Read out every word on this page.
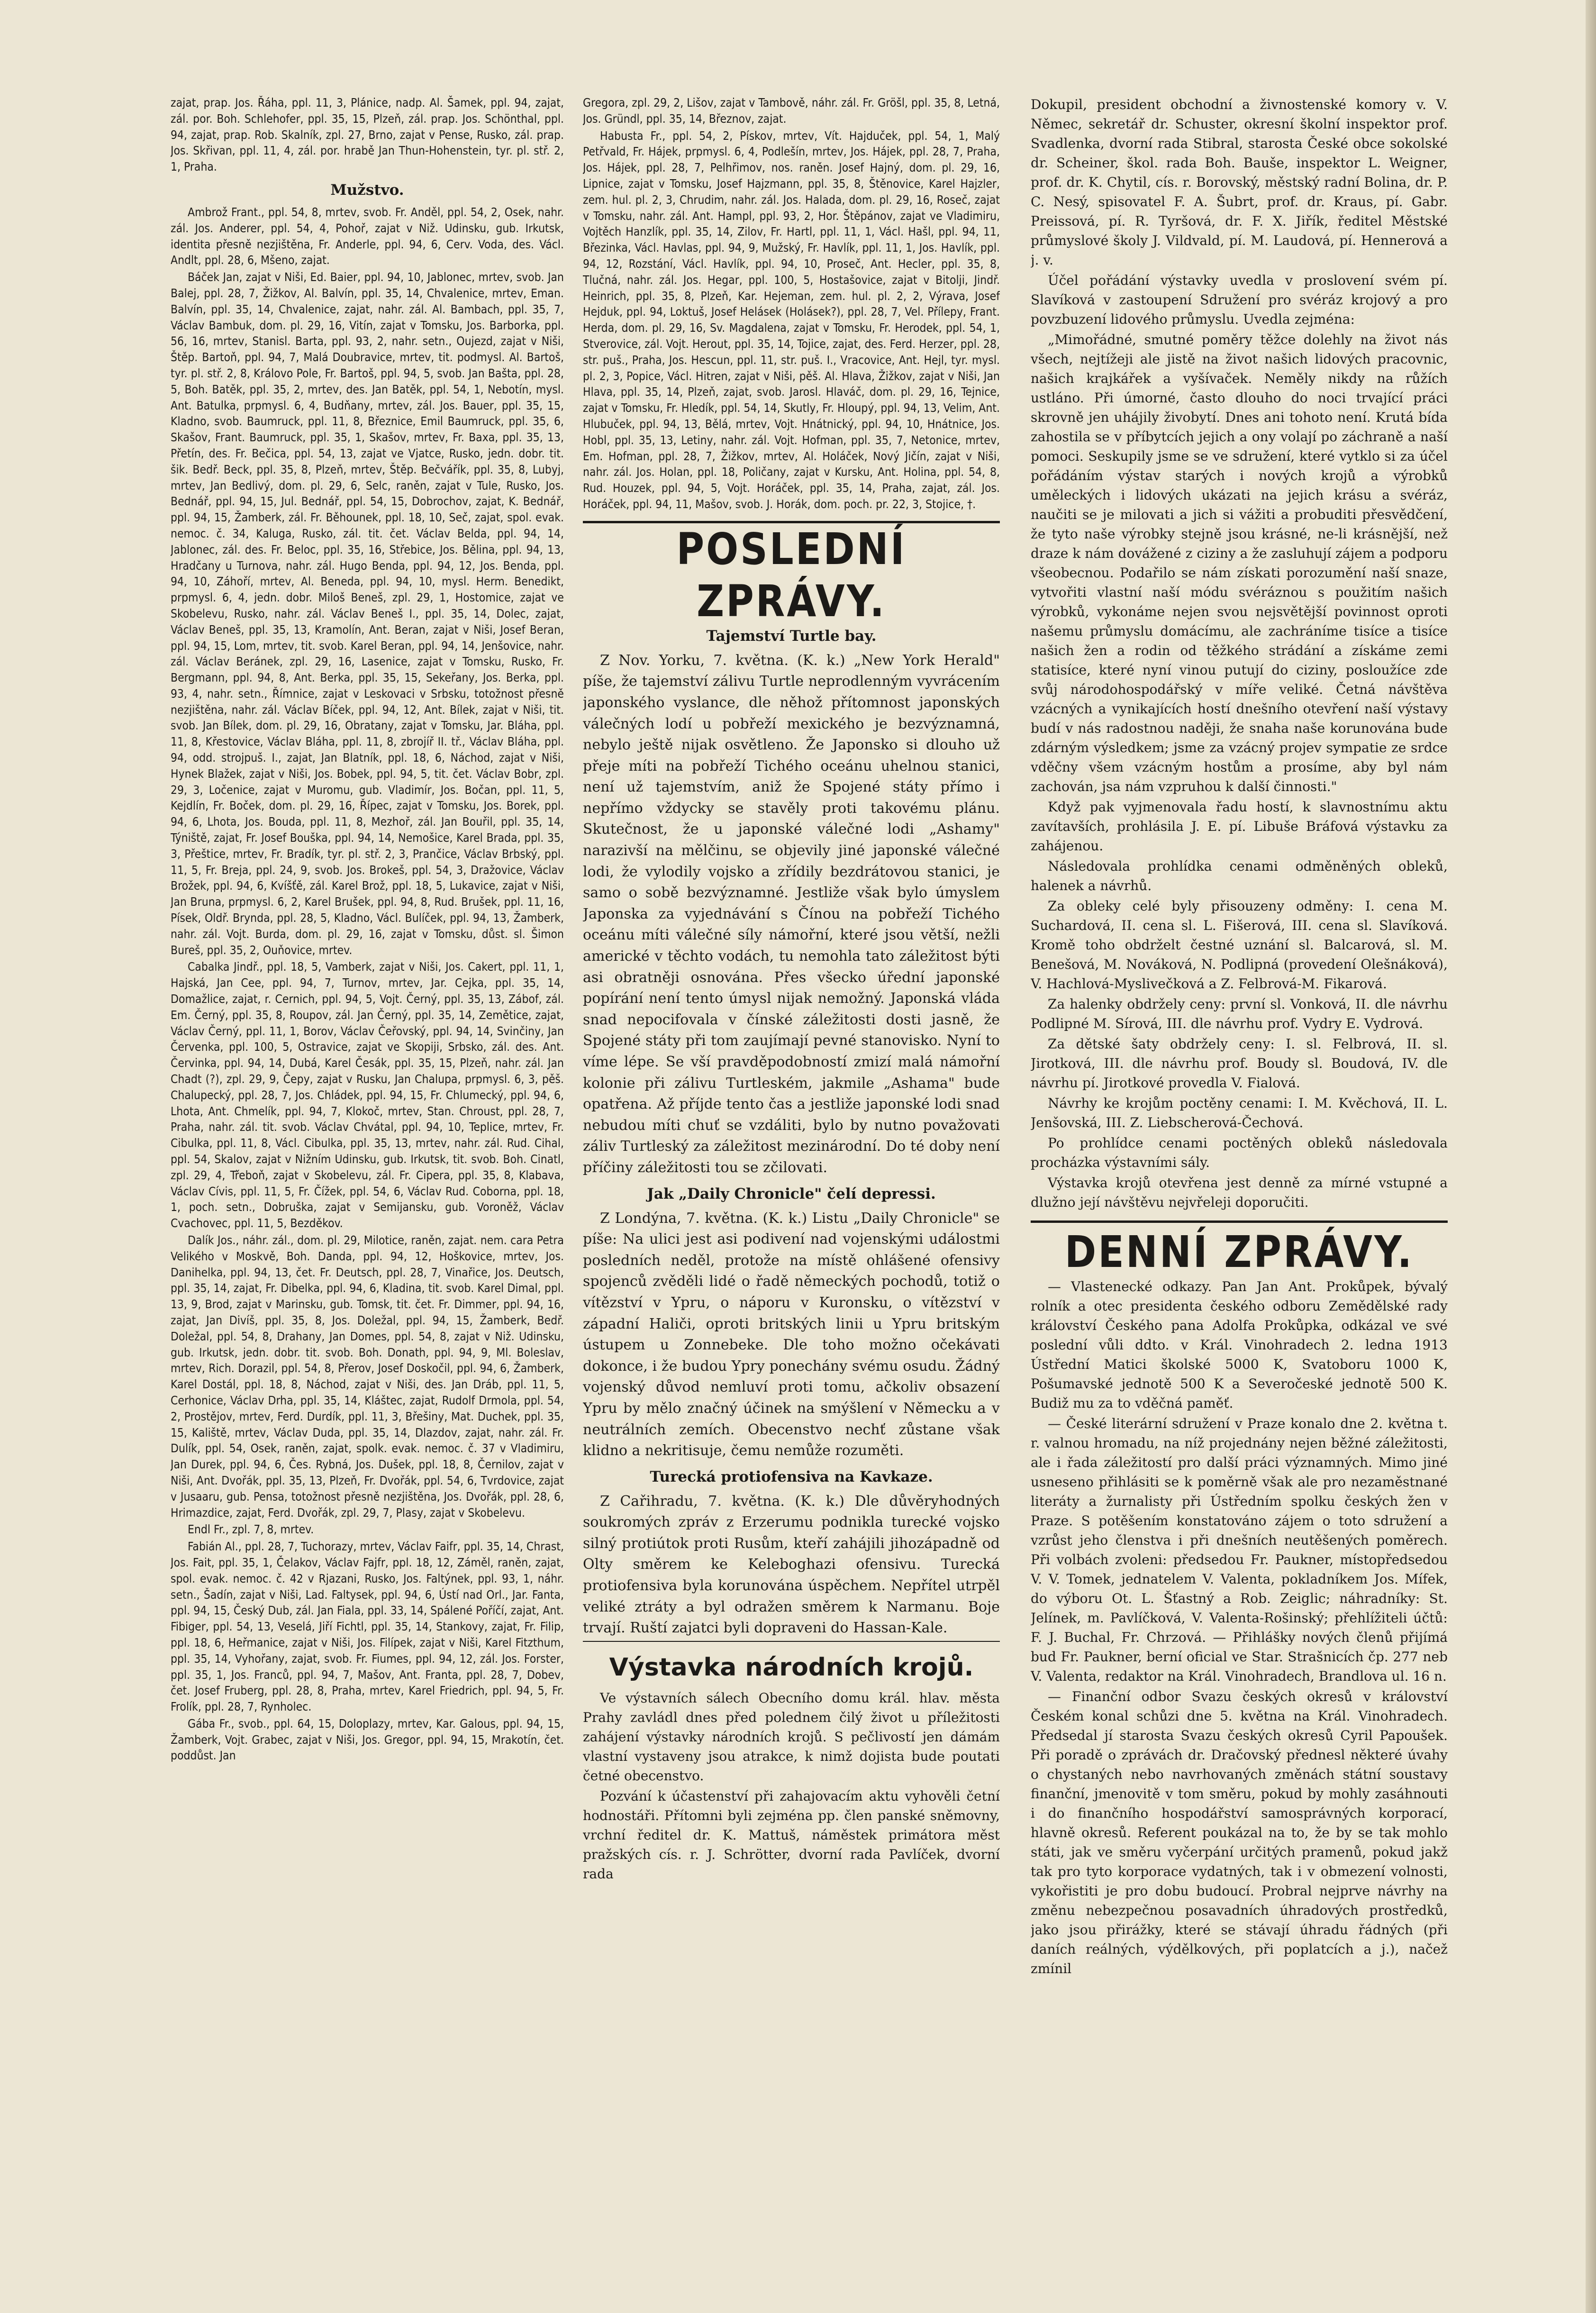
zajat, prap. Jos. Řáha, ppl. 11, 3, Plánice, nadp. Al. Šamek, ppl. 94, zajat, zál. por. Boh. Schlehofer, ppl. 35, 15, Plzeň, zál. prap. Jos. Schönthal, ppl. 94, zajat, prap. Rob. Skalník, zpl. 27, Brno, zajat v Pense, Rusko, zál. prap. Jos. Skřivan, ppl. 11, 4, zál. por. hrabě Jan Thun-Hohenstein, tyr. pl. stř. 2, 1, Praha.

Mužstvo.

Ambrož Frant., ppl. 54, 8, mrtev, svob. Fr. Anděl, ppl. 54, 2, Osek, nahr. zál. Jos. Anderer, ppl. 54, 4, Pohoř, zajat v Niž. Udinsku, gub. Irkutsk, identita přesně nezjištěna, Fr. Anderle, ppl. 94, 6, Cerv. Voda, des. Václ. Andlt, ppl. 28, 6, Mšeno, zajat.

Báček Jan, zajat v Niši, Ed. Baier, ppl. 94, 10, Jablonec, mrtev, svob. Jan Balej, ppl. 28, 7, Žižkov, Al. Balvín, ppl. 35, 14, Chvalenice, mrtev, Eman. Balvín, ppl. 35, 14, Chvalenice, zajat, nahr. zál. Al. Bambach, ppl. 35, 7, Václav Bambuk, dom. pl. 29, 16, Vitín, zajat v Tomsku, Jos. Barborka, ppl. 56, 16, mrtev, Stanisl. Barta, ppl. 93, 2, nahr. setn., Oujezd, zajat v Niši, Štěp. Bartoň, ppl. 94, 7, Malá Doubravice, mrtev, tit. podmysl. Al. Bartoš, tyr. pl. stř. 2, 8, Královo Pole, Fr. Bartoš, ppl. 94, 5, svob. Jan Bašta, ppl. 28, 5, Boh. Batěk, ppl. 35, 2, mrtev, des. Jan Batěk, ppl. 54, 1, Nebotín, mysl. Ant. Batulka, prpmysl. 6, 4, Budňany, mrtev, zál. Jos. Bauer, ppl. 35, 15, Kladno, svob. Baumruck, ppl. 11, 8, Březnice, Emil Baumruck, ppl. 35, 6, Skašov, Frant. Baumruck, ppl. 35, 1, Skašov, mrtev, Fr. Baxa, ppl. 35, 13, Přetín, des. Fr. Bečica, ppl. 54, 13, zajat ve Vjatce, Rusko, jedn. dobr. tit. šik. Bedř. Beck, ppl. 35, 8, Plzeň, mrtev, Štěp. Bečvářík, ppl. 35, 8, Lubyj, mrtev, Jan Bedlivý, dom. pl. 29, 6, Selc, raněn, zajat v Tule, Rusko, Jos. Bednář, ppl. 94, 15, Jul. Bednář, ppl. 54, 15, Dobrochov, zajat, K. Bednář, ppl. 94, 15, Žamberk, zál. Fr. Běhounek, ppl. 18, 10, Seč, zajat, spol. evak. nemoc. č. 34, Kaluga, Rusko, zál. tit. čet. Václav Belda, ppl. 94, 14, Jablonec, zál. des. Fr. Beloc, ppl. 35, 16, Střebice, Jos. Bělina, ppl. 94, 13, Hradčany u Turnova, nahr. zál. Hugo Benda, ppl. 94, 12, Jos. Benda, ppl. 94, 10, Záhoří, mrtev, Al. Beneda, ppl. 94, 10, mysl. Herm. Benedikt, prpmysl. 6, 4, jedn. dobr. Miloš Beneš, zpl. 29, 1, Hostomice, zajat ve Skobelevu, Rusko, nahr. zál. Václav Beneš I., ppl. 35, 14, Dolec, zajat, Václav Beneš, ppl. 35, 13, Kramolín, Ant. Beran, zajat v Niši, Josef Beran, ppl. 94, 15, Lom, mrtev, tit. svob. Karel Beran, ppl. 94, 14, Jenšovice, nahr. zál. Václav Beránek, zpl. 29, 16, Lasenice, zajat v Tomsku, Rusko, Fr. Bergmann, ppl. 94, 8, Ant. Berka, ppl. 35, 15, Sekeřany, Jos. Berka, ppl. 93, 4, nahr. setn., Římnice, zajat v Leskovaci v Srbsku, totožnost přesně nezjištěna, nahr. zál. Václav Bíček, ppl. 94, 12, Ant. Bílek, zajat v Niši, tit. svob. Jan Bílek, dom. pl. 29, 16, Obratany, zajat v Tomsku, Jar. Bláha, ppl. 11, 8, Křestovice, Václav Bláha, ppl. 11, 8, zbrojíř II. tř., Václav Bláha, ppl. 94, odd. strojpuš. I., zajat, Jan Blatník, ppl. 18, 6, Náchod, zajat v Niši, Hynek Blažek, zajat v Niši, Jos. Bobek, ppl. 94, 5, tit. čet. Václav Bobr, zpl. 29, 3, Ločenice, zajat v Muromu, gub. Vladimír, Jos. Bočan, ppl. 11, 5, Kejdlín, Fr. Boček, dom. pl. 29, 16, Řípec, zajat v Tomsku, Jos. Borek, ppl. 94, 6, Lhota, Jos. Bouda, ppl. 11, 8, Mezhoř, zál. Jan Bouřil, ppl. 35, 14, Týniště, zajat, Fr. Josef Bouška, ppl. 94, 14, Nemošice, Karel Brada, ppl. 35, 3, Přeštice, mrtev, Fr. Bradík, tyr. pl. stř. 2, 3, Prančice, Václav Brbský, ppl. 11, 5, Fr. Breja, ppl. 24, 9, svob. Jos. Brokeš, ppl. 54, 3, Dražovice, Václav Brožek, ppl. 94, 6, Kvíšťě, zál. Karel Brož, ppl. 18, 5, Lukavice, zajat v Niši, Jan Bruna, prpmysl. 6, 2, Karel Brušek, ppl. 94, 8, Rud. Brušek, ppl. 11, 16, Písek, Oldř. Brynda, ppl. 28, 5, Kladno, Václ. Bulíček, ppl. 94, 13, Žamberk, nahr. zál. Vojt. Burda, dom. pl. 29, 16, zajat v Tomsku, důst. sl. Šimon Bureš, ppl. 35, 2, Ouňovice, mrtev.

Cabalka Jindř., ppl. 18, 5, Vamberk, zajat v Niši, Jos. Cakert, ppl. 11, 1, Hajská, Jan Cee, ppl. 94, 7, Turnov, mrtev, Jar. Cejka, ppl. 35, 14, Domažlice, zajat, r. Cernich, ppl. 94, 5, Vojt. Černý, ppl. 35, 13, Zábof, zál. Em. Černý, ppl. 35, 8, Roupov, zál. Jan Černý, ppl. 35, 14, Zemětice, zajat, Václav Černý, ppl. 11, 1, Borov, Václav Čeřovský, ppl. 94, 14, Svinčiny, Jan Červenka, ppl. 100, 5, Ostravice, zajat ve Skopiji, Srbsko, zál. des. Ant. Červinka, ppl. 94, 14, Dubá, Karel Česák, ppl. 35, 15, Plzeň, nahr. zál. Jan Chadt (?), zpl. 29, 9, Čepy, zajat v Rusku, Jan Chalupa, prpmysl. 6, 3, pěš. Chalupecký, ppl. 28, 7, Jos. Chládek, ppl. 94, 15, Fr. Chlumecký, ppl. 94, 6, Lhota, Ant. Chmelík, ppl. 94, 7, Klokoč, mrtev, Stan. Chroust, ppl. 28, 7, Praha, nahr. zál. tit. svob. Václav Chvátal, ppl. 94, 10, Teplice, mrtev, Fr. Cibulka, ppl. 11, 8, Václ. Cibulka, ppl. 35, 13, mrtev, nahr. zál. Rud. Cihal, ppl. 54, Skalov, zajat v Nižním Udinsku, gub. Irkutsk, tit. svob. Boh. Cinatl, zpl. 29, 4, Třeboň, zajat v Skobelevu, zál. Fr. Cipera, ppl. 35, 8, Klabava, Václav Cívis, ppl. 11, 5, Fr. Čížek, ppl. 54, 6, Václav Rud. Coborna, ppl. 18, 1, poch. setn., Dobruška, zajat v Semijansku, gub. Voroněž, Václav Cvachovec, ppl. 11, 5, Bezděkov.

Dalík Jos., náhr. zál., dom. pl. 29, Milotice, raněn, zajat. nem. cara Petra Velikého v Moskvě, Boh. Danda, ppl. 94, 12, Hoškovice, mrtev, Jos. Danihelka, ppl. 94, 13, čet. Fr. Deutsch, ppl. 28, 7, Vinařice, Jos. Deutsch, ppl. 35, 14, zajat, Fr. Dibelka, ppl. 94, 6, Kladina, tit. svob. Karel Dimal, ppl. 13, 9, Brod, zajat v Marinsku, gub. Tomsk, tit. čet. Fr. Dimmer, ppl. 94, 16, zajat, Jan Divíš, ppl. 35, 8, Jos. Doležal, ppl. 94, 15, Žamberk, Bedř. Doležal, ppl. 54, 8, Drahany, Jan Domes, ppl. 54, 8, zajat v Niž. Udinsku, gub. Irkutsk, jedn. dobr. tit. svob. Boh. Donath, ppl. 94, 9, Ml. Boleslav, mrtev, Rich. Dorazil, ppl. 54, 8, Přerov, Josef Doskočil, ppl. 94, 6, Žamberk, Karel Dostál, ppl. 18, 8, Náchod, zajat v Niši, des. Jan Dráb, ppl. 11, 5, Cerhonice, Václav Drha, ppl. 35, 14, Kláštec, zajat, Rudolf Drmola, ppl. 54, 2, Prostějov, mrtev, Ferd. Durdík, ppl. 11, 3, Břešiny, Mat. Duchek, ppl. 35, 15, Kaliště, mrtev, Václav Duda, ppl. 35, 14, Dlazdov, zajat, nahr. zál. Fr. Dulík, ppl. 54, Osek, raněn, zajat, spolk. evak. nemoc. č. 37 v Vladimiru, Jan Durek, ppl. 94, 6, Čes. Rybná, Jos. Dušek, ppl. 18, 8, Černilov, zajat v Niši, Ant. Dvořák, ppl. 35, 13, Plzeň, Fr. Dvořák, ppl. 54, 6, Tvrdovice, zajat v Jusaaru, gub. Pensa, totožnost přesně nezjištěna, Jos. Dvořák, ppl. 28, 6, Hrimazdice, zajat, Ferd. Dvořák, zpl. 29, 7, Plasy, zajat v Skobelevu.

Endl Fr., zpl. 7, 8, mrtev.

Fabián Al., ppl. 28, 7, Tuchorazy, mrtev, Václav Faifr, ppl. 35, 14, Chrast, Jos. Fait, ppl. 35, 1, Čelakov, Václav Fajfr, ppl. 18, 12, Záměl, raněn, zajat, spol. evak. nemoc. č. 42 v Rjazani, Rusko, Jos. Faltýnek, ppl. 93, 1, náhr. setn., Šadín, zajat v Niši, Lad. Faltysek, ppl. 94, 6, Ústí nad Orl., Jar. Fanta, ppl. 94, 15, Český Dub, zál. Jan Fiala, ppl. 33, 14, Spálené Poříčí, zajat, Ant. Fibiger, ppl. 54, 13, Veselá, Jiří Fichtl, ppl. 35, 14, Stankovy, zajat, Fr. Filip, ppl. 18, 6, Heřmanice, zajat v Niši, Jos. Filípek, zajat v Niši, Karel Fitzthum, ppl. 35, 14, Vyhořany, zajat, svob. Fr. Fiumes, ppl. 94, 12, zál. Jos. Forster, ppl. 35, 1, Jos. Franců, ppl. 94, 7, Mašov, Ant. Franta, ppl. 28, 7, Dobev, čet. Josef Fruberg, ppl. 28, 8, Praha, mrtev, Karel Friedrich, ppl. 94, 5, Fr. Frolík, ppl. 28, 7, Rynholec.

Gába Fr., svob., ppl. 64, 15, Doloplazy, mrtev, Kar. Galous, ppl. 94, 15, Žamberk, Vojt. Grabec, zajat v Niši, Jos. Gregor, ppl. 94, 15, Mrakotín, čet. poddůst. Jan

Gregora, zpl. 29, 2, Lišov, zajat v Tambově, náhr. zál. Fr. Gröšl, ppl. 35, 8, Letná, Jos. Gründl, ppl. 35, 14, Březnov, zajat.

Habusta Fr., ppl. 54, 2, Pískov, mrtev, Vít. Hajduček, ppl. 54, 1, Malý Petřvald, Fr. Hájek, prpmysl. 6, 4, Podlešín, mrtev, Jos. Hájek, ppl. 28, 7, Praha, Jos. Hájek, ppl. 28, 7, Pelhřimov, nos. raněn. Josef Hajný, dom. pl. 29, 16, Lipnice, zajat v Tomsku, Josef Hajzmann, ppl. 35, 8, Štěnovice, Karel Hajzler, zem. hul. pl. 2, 3, Chrudim, nahr. zál. Jos. Halada, dom. pl. 29, 16, Roseč, zajat v Tomsku, nahr. zál. Ant. Hampl, ppl. 93, 2, Hor. Štěpánov, zajat ve Vladimiru, Vojtěch Hanzlík, ppl. 35, 14, Zilov, Fr. Hartl, ppl. 11, 1, Václ. Hašl, ppl. 94, 11, Březinka, Václ. Havlas, ppl. 94, 9, Mužský, Fr. Havlík, ppl. 11, 1, Jos. Havlík, ppl. 94, 12, Rozstání, Václ. Havlík, ppl. 94, 10, Proseč, Ant. Hecler, ppl. 35, 8, Tlučná, nahr. zál. Jos. Hegar, ppl. 100, 5, Hostašovice, zajat v Bitolji, Jindř. Heinrich, ppl. 35, 8, Plzeň, Kar. Hejeman, zem. hul. pl. 2, 2, Výrava, Josef Hejduk, ppl. 94, Loktuš, Josef Helásek (Holásek?), ppl. 28, 7, Vel. Přílepy, Frant. Herda, dom. pl. 29, 16, Sv. Magdalena, zajat v Tomsku, Fr. Herodek, ppl. 54, 1, Stverovice, zál. Vojt. Herout, ppl. 35, 14, Tojice, zajat, des. Ferd. Herzer, ppl. 28, str. puš., Praha, Jos. Hescun, ppl. 11, str. puš. I., Vracovice, Ant. Hejl, tyr. mysl. pl. 2, 3, Popice, Václ. Hitren, zajat v Niši, pěš. Al. Hlava, Žižkov, zajat v Niši, Jan Hlava, ppl. 35, 14, Plzeň, zajat, svob. Jarosl. Hlaváč, dom. pl. 29, 16, Tejnice, zajat v Tomsku, Fr. Hledík, ppl. 54, 14, Skutly, Fr. Hloupý, ppl. 94, 13, Velim, Ant. Hlubuček, ppl. 94, 13, Bělá, mrtev, Vojt. Hnátnický, ppl. 94, 10, Hnátnice, Jos. Hobl, ppl. 35, 13, Letiny, nahr. zál. Vojt. Hofman, ppl. 35, 7, Netonice, mrtev, Em. Hofman, ppl. 28, 7, Žižkov, mrtev, Al. Holáček, Nový Jičín, zajat v Niši, nahr. zál. Jos. Holan, ppl. 18, Poličany, zajat v Kursku, Ant. Holina, ppl. 54, 8, Rud. Houzek, ppl. 94, 5, Vojt. Horáček, ppl. 35, 14, Praha, zajat, zál. Jos. Horáček, ppl. 94, 11, Mašov, svob. J. Horák, dom. poch. pr. 22, 3, Stojice, †.

POSLEDNÍ ZPRÁVY.
Tajemství Turtle bay.

Z Nov. Yorku, 7. května. (K. k.) „New York Herald" píše, že tajemství zálivu Turtle neprodlenným vyvrácením japonského vyslance, dle něhož přítomnost japonských válečných lodí u pobřeží mexického je bezvýznamná, nebylo ještě nijak osvětleno. Že Japonsko si dlouho už přeje míti na pobřeží Tichého oceánu uhelnou stanici, není už tajemstvím, aniž že Spojené státy přímo i nepřímo vždycky se stavěly proti takovému plánu. Skutečnost, že u japonské válečné lodi „Ashamy" narazivší na mělčinu, se objevily jiné japonské válečné lodi, že vylodily vojsko a zřídily bezdrátovou stanici, je samo o sobě bezvýznamné. Jestliže však bylo úmyslem Japonska za vyjednávání s Čínou na pobřeží Tichého oceánu míti válečné síly námořní, které jsou větší, nežli americké v těchto vodách, tu nemohla tato záležitost býti asi obratněji osnována. Přes všecko úřední japonské popírání není tento úmysl nijak nemožný. Japonská vláda snad nepocifovala v čínské záležitosti dosti jasně, že Spojené státy při tom zaujímají pevné stanovisko. Nyní to víme lépe. Se vší pravděpodobností zmizí malá námořní kolonie při zálivu Turtleském, jakmile „Ashama" bude opatřena. Až příjde tento čas a jestliže japonské lodi snad nebudou míti chuť se vzdáliti, bylo by nutno považovati záliv Turtleský za záležitost mezinárodní. Do té doby není příčiny záležitosti tou se zčilovati.

Jak „Daily Chronicle" čelí depressi.

Z Londýna, 7. května. (K. k.) Listu „Daily Chronicle" se píše: Na ulici jest asi podivení nad vojenskými událostmi posledních neděl, protože na místě ohlášené ofensivy spojenců zvěděli lidé o řadě německých pochodů, totiž o vítězství v Ypru, o náporu v Kuronsku, o vítězství v západní Haliči, oproti britských linii u Ypru britským ústupem u Zonnebeke. Dle toho možno očekávati dokonce, i že budou Ypry ponechány svému osudu. Žádný vojenský důvod nemluví proti tomu, ačkoliv obsazení Ypru by mělo značný účinek na smýšlení v Německu a v neutrálních zemích. Obecenstvo nechť zůstane však klidno a nekritisuje, čemu nemůže rozuměti.

Turecká protiofensiva na Kavkaze.

Z Cařihradu, 7. května. (K. k.) Dle důvěryhodných soukromých zpráv z Erzerumu podnikla turecké vojsko silný protiútok proti Rusům, kteří zahájili jihozápadně od Olty směrem ke Keleboghazi ofensivu. Turecká protiofensiva byla korunována úspěchem. Nepřítel utrpěl veliké ztráty a byl odražen směrem k Narmanu. Boje trvají. Ruští zajatci byli dopraveni do Hassan-Kale.

Výstavka národních krojů.

Ve výstavních sálech Obecního domu král. hlav. města Prahy zavládl dnes před polednem čilý život u příležitosti zahájení výstavky národních krojů. S pečlivostí jen dámám vlastní vystaveny jsou atrakce, k nimž dojista bude poutati četné obecenstvo.

Pozvání k účastenství při zahajovacím aktu vyhověli četní hodnostáři. Přítomni byli zejména pp. člen panské sněmovny, vrchní ředitel dr. K. Mattuš, náměstek primátora měst pražských cís. r. J. Schrötter, dvorní rada Pavlíček, dvorní rada

Dokupil, president obchodní a živnostenské komory v. V. Němec, sekretář dr. Schuster, okresní školní inspektor prof. Svadlenka, dvorní rada Stibral, starosta České obce sokolské dr. Scheiner, škol. rada Boh. Bauše, inspektor L. Weigner, prof. dr. K. Chytil, cís. r. Borovský, městský radní Bolina, dr. P. C. Nesý, spisovatel F. A. Šubrt, prof. dr. Kraus, pí. Gabr. Preissová, pí. R. Tyršová, dr. F. X. Jiřík, ředitel Městské průmyslové školy J. Vildvald, pí. M. Laudová, pí. Hennerová a j. v.

Účel pořádání výstavky uvedla v proslovení svém pí. Slavíková v zastoupení Sdružení pro svéráz krojový a pro povzbuzení lidového průmyslu. Uvedla zejména:

„Mimořádné, smutné poměry těžce dolehly na život nás všech, nejtížeji ale jistě na život našich lidových pracovnic, našich krajkářek a vyšívaček. Neměly nikdy na růžích ustláno. Při úmorné, často dlouho do noci trvající práci skrovně jen uhájily živobytí. Dnes ani tohoto není. Krutá bída zahostila se v příbytcích jejich a ony volají po záchraně a naší pomoci. Seskupily jsme se ve sdružení, které vytklo si za účel pořádáním výstav starých i nových krojů a výrobků uměleckých i lidových ukázati na jejich krásu a svéráz, naučiti se je milovati a jich si vážiti a probuditi přesvědčení, že tyto naše výrobky stejně jsou krásné, ne-li krásnější, než draze k nám dovážené z ciziny a že zasluhují zájem a podporu všeobecnou. Podařilo se nám získati porozumění naší snaze, vytvořiti vlastní naší módu svéráznou s použitím našich výrobků, vykonáme nejen svou nejsvětější povinnost oproti našemu průmyslu domácímu, ale zachráníme tisíce a tisíce našich žen a rodin od těžkého strádání a získáme zemi statisíce, které nyní vinou putují do ciziny, posloužíce zde svůj národohospodářský v míře veliké. Četná návštěva vzácných a vynikajících hostí dnešního otevření naší výstavy budí v nás radostnou naději, že snaha naše korunována bude zdárným výsledkem; jsme za vzácný projev sympatie ze srdce vděčny všem vzácným hostům a prosíme, aby byl nám zachován, jsa nám vzpruhou k další činnosti."

Když pak vyjmenovala řadu hostí, k slavnostnímu aktu zavítavších, prohlásila J. E. pí. Libuše Bráfová výstavku za zahájenou.

Následovala prohlídka cenami odměněných obleků, halenek a návrhů.

Za obleky celé byly přisouzeny odměny: I. cena M. Suchardová, II. cena sl. L. Fišerová, III. cena sl. Slavíková. Kromě toho obdrželt čestné uznání sl. Balcarová, sl. M. Benešová, M. Nováková, N. Podlipná (provedení Olešnáková), V. Hachlová-Myslivečková a Z. Felbrová-M. Fikarová.

Za halenky obdržely ceny: první sl. Vonková, II. dle návrhu Podlipné M. Sírová, III. dle návrhu prof. Vydry E. Vydrová.

Za dětské šaty obdržely ceny: I. sl. Felbrová, II. sl. Jirotková, III. dle návrhu prof. Boudy sl. Boudová, IV. dle návrhu pí. Jirotkové provedla V. Fialová.

Návrhy ke krojům poctěny cenami: I. M. Kvěchová, II. L. Jenšovská, III. Z. Liebscherová-Čechová.

Po prohlídce cenami poctěných obleků následovala procházka výstavními sály.

Výstavka krojů otevřena jest denně za mírné vstupné a dlužno její návštěvu nejvřeleji doporučiti.

DENNÍ ZPRÁVY.

— Vlastenecké odkazy. Pan Jan Ant. Prokůpek, bývalý rolník a otec presidenta českého odboru Zemědělské rady království Českého pana Adolfa Prokůpka, odkázal ve své poslední vůli ddto. v Král. Vinohradech 2. ledna 1913 Ústřední Matici školské 5000 K, Svatoboru 1000 K, Pošumavské jednotě 500 K a Severočeské jednotě 500 K. Budiž mu za to vděčná paměť.

— České literární sdružení v Praze konalo dne 2. května t. r. valnou hromadu, na níž projednány nejen běžné záležitosti, ale i řada záležitostí pro další práci významných. Mimo jiné usneseno přihlásiti se k poměrně však ale pro nezaměstnané literáty a žurnalisty při Ústředním spolku českých žen v Praze. S potěšením konstatováno zájem o toto sdružení a vzrůst jeho členstva i při dnešních neutěšených poměrech. Při volbách zvoleni: předsedou Fr. Paukner, místopředsedou V. V. Tomek, jednatelem V. Valenta, pokladníkem Jos. Mífek, do výboru Ot. L. Šťastný a Rob. Zeiglic; náhradníky: St. Jelínek, m. Pavlíčková, V. Valenta-Rošinský; přehlížiteli účtů: F. J. Buchal, Fr. Chrzová. — Přihlášky nových členů přijímá bud Fr. Paukner, berní oficial ve Star. Strašnicích čp. 277 neb V. Valenta, redaktor na Král. Vinohradech, Brandlova ul. 16 n.

— Finanční odbor Svazu českých okresů v království Českém konal schůzi dne 5. května na Král. Vinohradech. Předsedal jí starosta Svazu českých okresů Cyril Papoušek. Při poradě o zprávách dr. Dračovský přednesl některé úvahy o chystaných nebo navrhovaných změnách státní soustavy finanční, jmenovitě v tom směru, pokud by mohly zasáhnouti i do finančního hospodářství samosprávných korporací, hlavně okresů. Referent poukázal na to, že by se tak mohlo státi, jak ve směru vyčerpání určitých pramenů, pokud jakž tak pro tyto korporace vydatných, tak i v obmezení volnosti, vykořistiti je pro dobu budoucí. Probral nejprve návrhy na změnu nebezpečnou posavadních úhradových prostředků, jako jsou přirážky, které se stávají úhradu řádných (při daních reálných, výdělkových, při poplatcích a j.), načež zmínil
